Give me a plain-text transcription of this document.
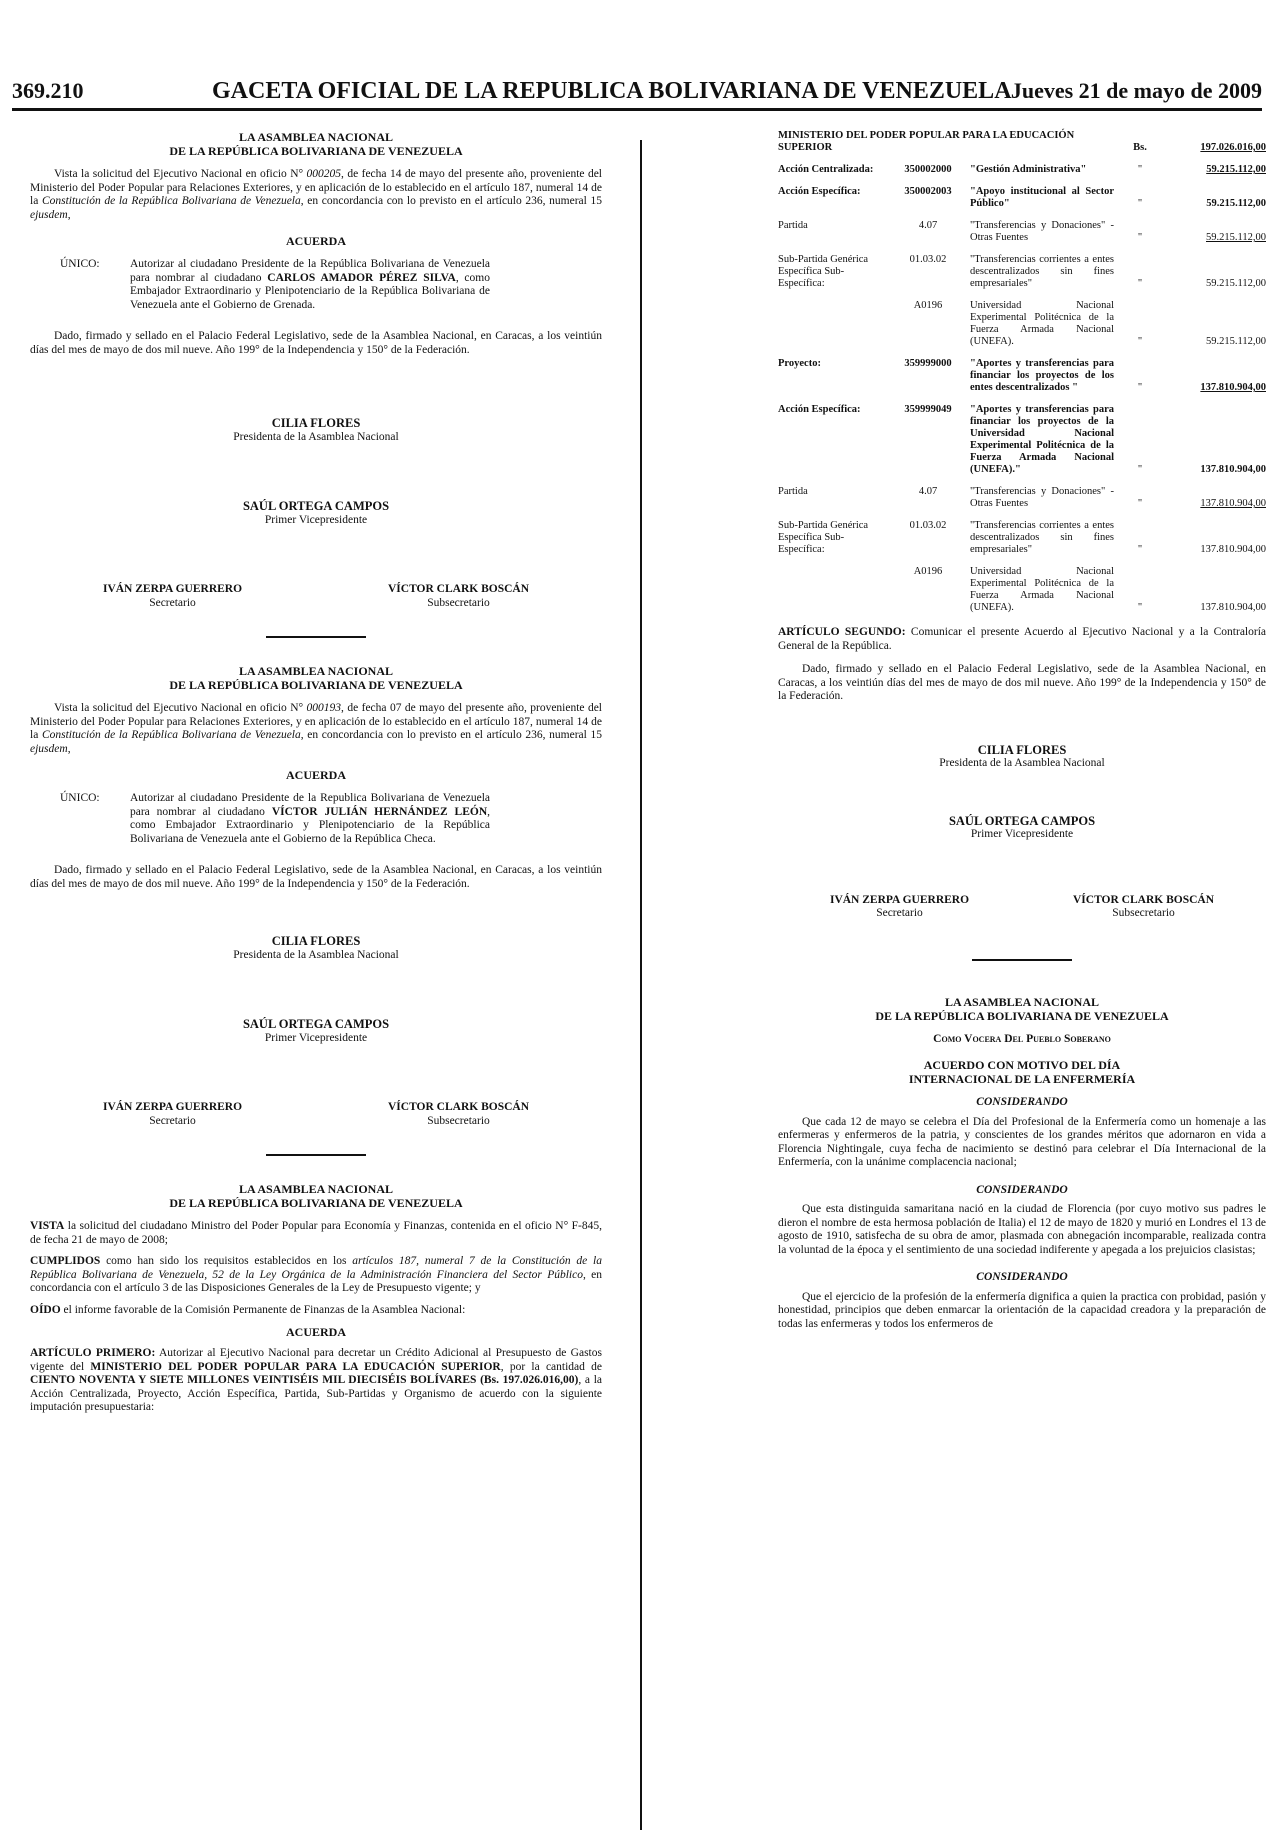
369.210	GACETA OFICIAL DE LA REPUBLICA BOLIVARIANA DE VENEZUELA Jueves 21 de mayo de 2009
LA ASAMBLEA NACIONAL
DE LA REPÚBLICA BOLIVARIANA DE VENEZUELA

Vista la solicitud del Ejecutivo Nacional en oficio N° 000205, de fecha 14 de mayo del presente año, proveniente del Ministerio del Poder Popular para Relaciones Exteriores, y en aplicación de lo establecido en el artículo 187, numeral 14 de la Constitución de la República Bolivariana de Venezuela, en concordancia con lo previsto en el artículo 236, numeral 15 ejusdem,

ACUERDA
ÚNICO:	Autorizar al ciudadano Presidente de la República Bolivariana de Venezuela para nombrar al ciudadano CARLOS AMADOR PÉREZ SILVA, como Embajador Extraordinario y Plenipotenciario de la República Bolivariana de Venezuela ante el Gobierno de Grenada.

Dado, firmado y sellado en el Palacio Federal Legislativo, sede de la Asamblea Nacional, en Caracas, a los veintiún días del mes de mayo de dos mil nueve. Año 199° de la Independencia y 150° de la Federación.

CILIA FLORES
Presidenta de la Asamblea Nacional
SAÚL ORTEGA CAMPOS
Primer Vicepresidente
IVÁN ZERPA GUERRERO
Secretario
VÍCTOR CLARK BOSCÁN
Subsecretario
LA ASAMBLEA NACIONAL
DE LA REPÚBLICA BOLIVARIANA DE VENEZUELA

Vista la solicitud del Ejecutivo Nacional en oficio N° 000193, de fecha 07 de mayo del presente año, proveniente del Ministerio del Poder Popular para Relaciones Exteriores, y en aplicación de lo establecido en el artículo 187, numeral 14 de la Constitución de la República Bolivariana de Venezuela, en concordancia con lo previsto en el artículo 236, numeral 15 ejusdem,

ACUERDA
ÚNICO:	Autorizar al ciudadano Presidente de la Republica Bolivariana de Venezuela para nombrar al ciudadano VÍCTOR JULIÁN HERNÁNDEZ LEÓN, como Embajador Extraordinario y Plenipotenciario de la República Bolivariana de Venezuela ante el Gobierno de la República Checa.

Dado, firmado y sellado en el Palacio Federal Legislativo, sede de la Asamblea Nacional, en Caracas, a los veintiún días del mes de mayo de dos mil nueve. Año 199° de la Independencia y 150° de la Federación.

CILIA FLORES
Presidenta de la Asamblea Nacional
SAÚL ORTEGA CAMPOS
Primer Vicepresidente
IVÁN ZERPA GUERRERO
Secretario
VÍCTOR CLARK BOSCÁN
Subsecretario
LA ASAMBLEA NACIONAL
DE LA REPÚBLICA BOLIVARIANA DE VENEZUELA

VISTA la solicitud del ciudadano Ministro del Poder Popular para Economía y Finanzas, contenida en el oficio N° F-845, de fecha 21 de mayo de 2008;

CUMPLIDOS como han sido los requisitos establecidos en los artículos 187, numeral 7 de la Constitución de la República Bolivariana de Venezuela, 52 de la Ley Orgánica de la Administración Financiera del Sector Público, en concordancia con el artículo 3 de las Disposiciones Generales de la Ley de Presupuesto vigente; y

OÍDO el informe favorable de la Comisión Permanente de Finanzas de la Asamblea Nacional:

ACUERDA

ARTÍCULO PRIMERO: Autorizar al Ejecutivo Nacional para decretar un Crédito Adicional al Presupuesto de Gastos vigente del MINISTERIO DEL PODER POPULAR PARA LA EDUCACIÓN SUPERIOR, por la cantidad de CIENTO NOVENTA Y SIETE MILLONES VEINTISÉIS MIL DIECISÉIS BOLÍVARES (Bs. 197.026.016,00), a la Acción Centralizada, Proyecto, Acción Específica, Partida, Sub-Partidas y Organismo de acuerdo con la siguiente imputación presupuestaria:

MINISTERIO DEL PODER POPULAR PARA LA EDUCACIÓN SUPERIOR			Bs.	197.026.016,00
Acción Centralizada:	350002000	"Gestión Administrativa"	"	59.215.112,00
Acción Específica:	350002003	"Apoyo institucional al Sector Público"	"	59.215.112,00
Partida	4.07	"Transferencias y Donaciones" -Otras Fuentes	"	59.215.112,00
Sub-Partida Genérica Específica Sub-Específica:	01.03.02	"Transferencias corrientes a entes descentralizados sin fines empresariales"	"	59.215.112,00
	A0196	Universidad Nacional Experimental Politécnica de la Fuerza Armada Nacional (UNEFA).	"	59.215.112,00
Proyecto:	359999000	"Aportes y transferencias para financiar los proyectos de los entes descentralizados "	"	137.810.904,00
Acción Específica:	359999049	"Aportes y transferencias para financiar los proyectos de la Universidad Nacional Experimental Politécnica de la Fuerza Armada Nacional (UNEFA)."	"	137.810.904,00
Partida	4.07	"Transferencias y Donaciones" -Otras Fuentes	"	137.810.904,00
Sub-Partida Genérica Específica Sub-Específica:	01.03.02	"Transferencias corrientes a entes descentralizados sin fines empresariales"	"	137.810.904,00
	A0196	Universidad Nacional Experimental Politécnica de la Fuerza Armada Nacional (UNEFA).	"	137.810.904,00

ARTÍCULO SEGUNDO: Comunicar el presente Acuerdo al Ejecutivo Nacional y a la Contraloría General de la República.

Dado, firmado y sellado en el Palacio Federal Legislativo, sede de la Asamblea Nacional, en Caracas, a los veintiún días del mes de mayo de dos mil nueve. Año 199° de la Independencia y 150° de la Federación.

CILIA FLORES
Presidenta de la Asamblea Nacional
SAÚL ORTEGA CAMPOS
Primer Vicepresidente
IVÁN ZERPA GUERRERO
Secretario
VÍCTOR CLARK BOSCÁN
Subsecretario
LA ASAMBLEA NACIONAL
DE LA REPÚBLICA BOLIVARIANA DE VENEZUELA
Como Vocera Del Pueblo Soberano
ACUERDO CON MOTIVO DEL DÍA
INTERNACIONAL DE LA ENFERMERÍA
CONSIDERANDO

Que cada 12 de mayo se celebra el Día del Profesional de la Enfermería como un homenaje a las enfermeras y enfermeros de la patria, y conscientes de los grandes méritos que adornaron en vida a Florencia Nightingale, cuya fecha de nacimiento se destinó para celebrar el Día Internacional de la Enfermería, con la unánime complacencia nacional;

CONSIDERANDO

Que esta distinguida samaritana nació en la ciudad de Florencia (por cuyo motivo sus padres le dieron el nombre de esta hermosa población de Italia) el 12 de mayo de 1820 y murió en Londres el 13 de agosto de 1910, satisfecha de su obra de amor, plasmada con abnegación incomparable, realizada contra la voluntad de la época y el sentimiento de una sociedad indiferente y apegada a los prejuicios clasistas;

CONSIDERANDO

Que el ejercicio de la profesión de la enfermería dignifica a quien la practica con probidad, pasión y honestidad, principios que deben enmarcar la orientación de la capacidad creadora y la preparación de todas las enfermeras y todos los enfermeros de
